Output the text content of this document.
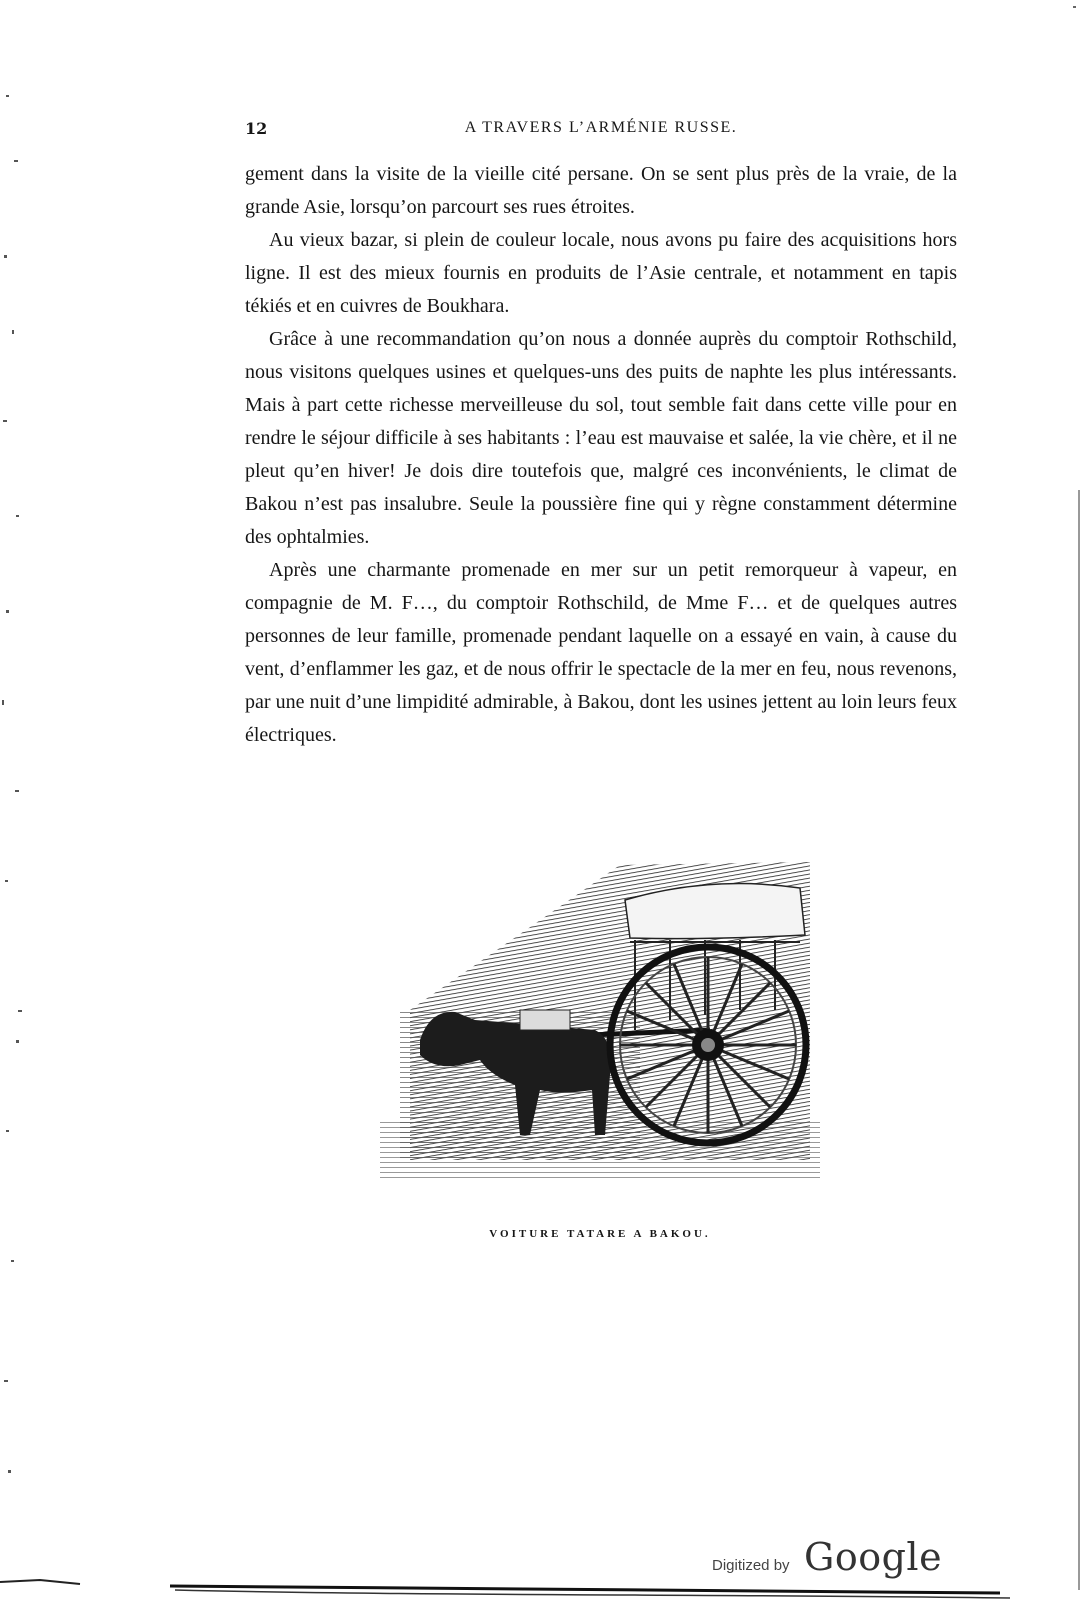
12	A TRAVERS L’ARMÉNIE RUSSE.

gement dans la visite de la vieille cité persane. On se sent plus près de la vraie, de la grande Asie, lorsqu’on parcourt ses rues étroites.

Au vieux bazar, si plein de couleur locale, nous avons pu faire des acquisitions hors ligne. Il est des mieux fournis en produits de l’Asie centrale, et notamment en tapis tékiés et en cuivres de Boukhara.

Grâce à une recommandation qu’on nous a donnée auprès du comptoir Rothschild, nous visitons quelques usines et quelques-uns des puits de naphte les plus intéressants. Mais à part cette richesse merveilleuse du sol, tout semble fait dans cette ville pour en rendre le séjour difficile à ses habitants : l’eau est mauvaise et salée, la vie chère, et il ne pleut qu’en hiver! Je dois dire toutefois que, malgré ces inconvénients, le climat de Bakou n’est pas insalubre. Seule la poussière fine qui y règne constamment détermine des ophtalmies.

Après une charmante promenade en mer sur un petit remorqueur à vapeur, en compagnie de M. F…, du comptoir Rothschild, de Mme F… et de quelques autres personnes de leur famille, promenade pendant laquelle on a essayé en vain, à cause du vent, d’enflammer les gaz, et de nous offrir le spectacle de la mer en feu, nous revenons, par une nuit d’une limpidité admirable, à Bakou, dont les usines jettent au loin leurs feux électriques.

VOITURE TATARE A BAKOU.
Digitized by Google
